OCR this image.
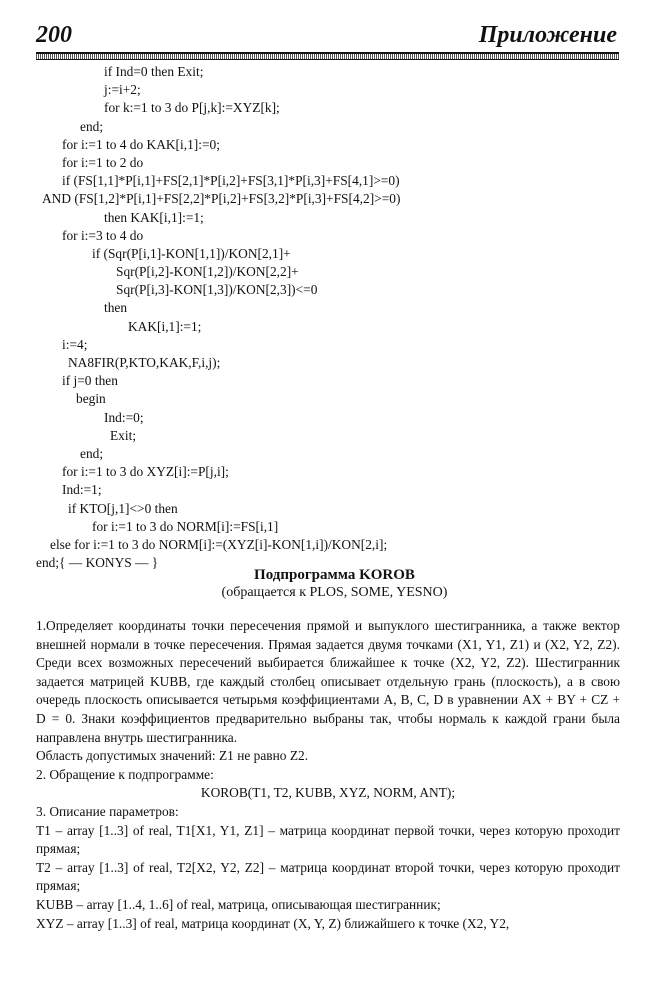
200	Приложение
if Ind=0 then Exit;
j:=i+2;
for k:=1 to 3 do P[j,k]:=XYZ[k];
end;
for i:=1 to 4 do KAK[i,1]:=0;
for i:=1 to 2 do
if (FS[1,1]*P[i,1]+FS[2,1]*P[i,2]+FS[3,1]*P[i,3]+FS[4,1]>=0)
AND (FS[1,2]*P[i,1]+FS[2,2]*P[i,2]+FS[3,2]*P[i,3]+FS[4,2]>=0)
then KAK[i,1]:=1;
for i:=3 to 4 do
if (Sqr(P[i,1]-KON[1,1])/KON[2,1]+
Sqr(P[i,2]-KON[1,2])/KON[2,2]+
Sqr(P[i,3]-KON[1,3])/KON[2,3])<=0
then
KAK[i,1]:=1;
i:=4;
NA8FIR(P,KTO,KAK,F,i,j);
if j=0 then
begin
Ind:=0;
Exit;
end;
for i:=1 to 3 do XYZ[i]:=P[j,i];
Ind:=1;
if KTO[j,1]<>0 then
for i:=1 to 3 do NORM[i]:=FS[i,1]
else for i:=1 to 3 do NORM[i]:=(XYZ[i]-KON[1,i])/KON[2,i];
end;{ — KONYS — }
Подпрограмма KOROB
(обращается к PLOS, SOME, YESNO)

1.Определяет координаты точки пересечения прямой и выпуклого шестигранника, а также вектор внешней нормали в точке пересечения. Прямая задается двумя точками (X1, Y1, Z1) и (X2, Y2, Z2). Среди всех возможных пересечений выбирается ближайшее к точке (X2, Y2, Z2). Шестигранник задается матрицей KUBB, где каждый столбец описывает отдельную грань (плоскость), а в свою очередь плоскость описывается четырьмя коэффициентами A, B, C, D в уравнении AX + BY + CZ + D = 0. Знаки коэффициентов предварительно выбраны так, чтобы нормаль к каждой грани была направлена внутрь шестигранника.

Область допустимых значений: Z1 не равно Z2.

2. Обращение к подпрограмме:

KOROB(T1, T2, KUBB, XYZ, NORM, ANT);

3. Описание параметров:

T1 – array [1..3] of real, T1[X1, Y1, Z1] – матрица координат первой точки, через которую проходит прямая;

T2 – array [1..3] of real, T2[X2, Y2, Z2] – матрица координат второй точки, через которую проходит прямая;

KUBB – array [1..4, 1..6] of real, матрица, описывающая шестигранник;

XYZ – array [1..3] of real, матрица координат (X, Y, Z) ближайшего к точке (X2, Y2,
